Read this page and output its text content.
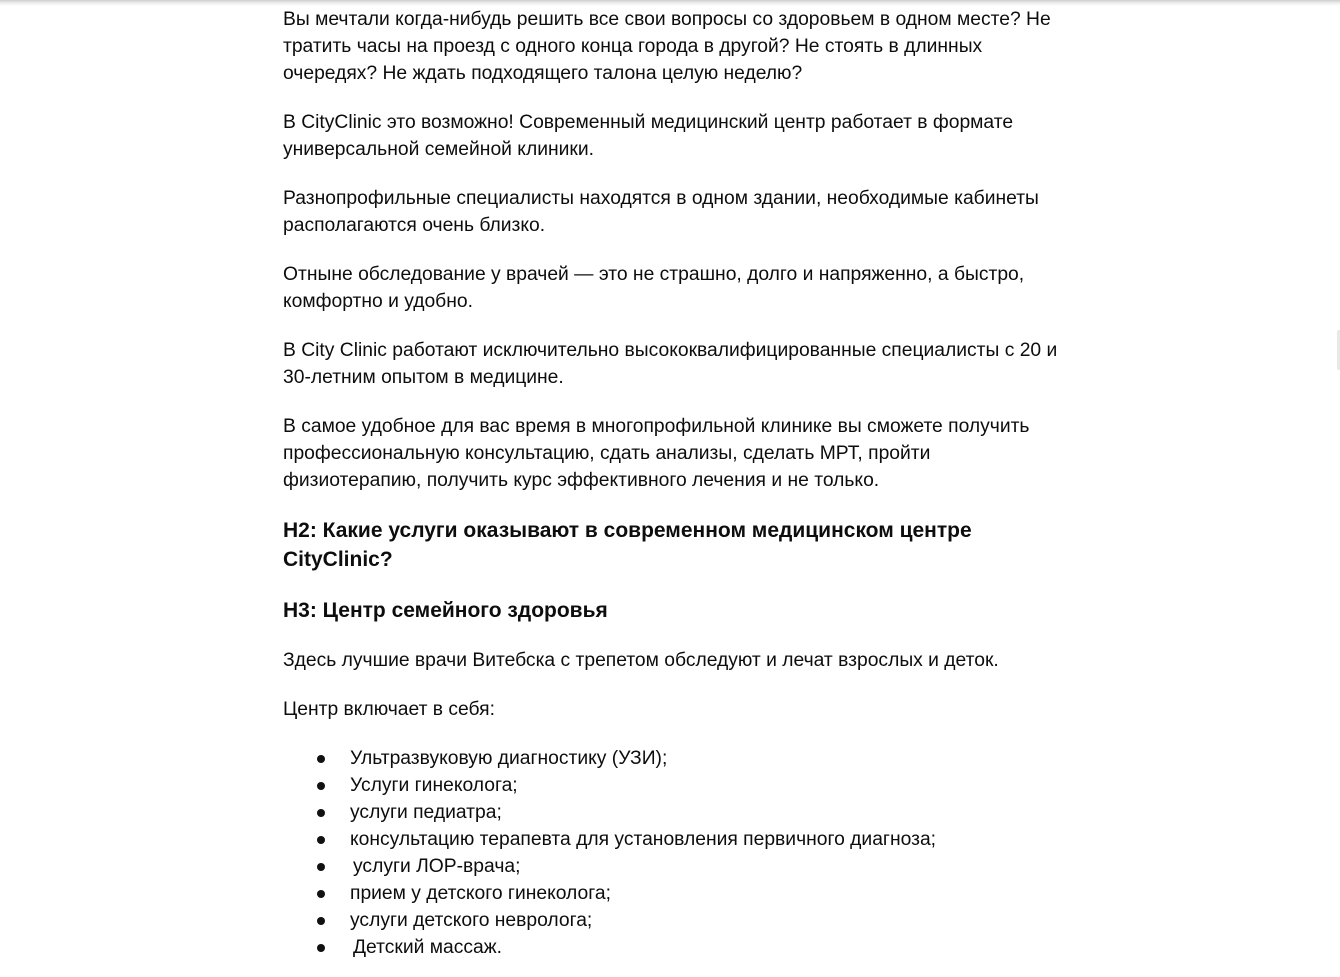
Вы мечтали когда-нибудь решить все свои вопросы со здоровьем в одном месте? Не тратить часы на проезд с одного конца города в другой? Не стоять в длинных очередях? Не ждать подходящего талона целую неделю?

В CityClinic это возможно! Современный медицинский центр работает в формате универсальной семейной клиники.

Разнопрофильные специалисты находятся в одном здании, необходимые кабинеты располагаются очень близко.

Отныне обследование у врачей — это не страшно, долго и напряженно, а быстро, комфортно и удобно.

В City Clinic работают исключительно высококвалифицированные специалисты с 20 и 30-летним опытом в медицине.

В самое удобное для вас время в многопрофильной клинике вы сможете получить профессиональную консультацию, сдать анализы, сделать МРТ, пройти физиотерапию, получить курс эффективного лечения и не только.

Н2: Какие услуги оказывают в современном медицинском центре CityClinic?
Н3: Центр семейного здоровья

Здесь лучшие врачи Витебска с трепетом обследуют и лечат взрослых и деток.

Центр включает в себя:

Ультразвуковую диагностику (УЗИ);
Услуги гинеколога;
услуги педиатра;
консультацию терапевта для установления первичного диагноза;
услуги ЛОР-врача;
прием у детского гинеколога;
услуги детского невролога;
Детский массаж.
